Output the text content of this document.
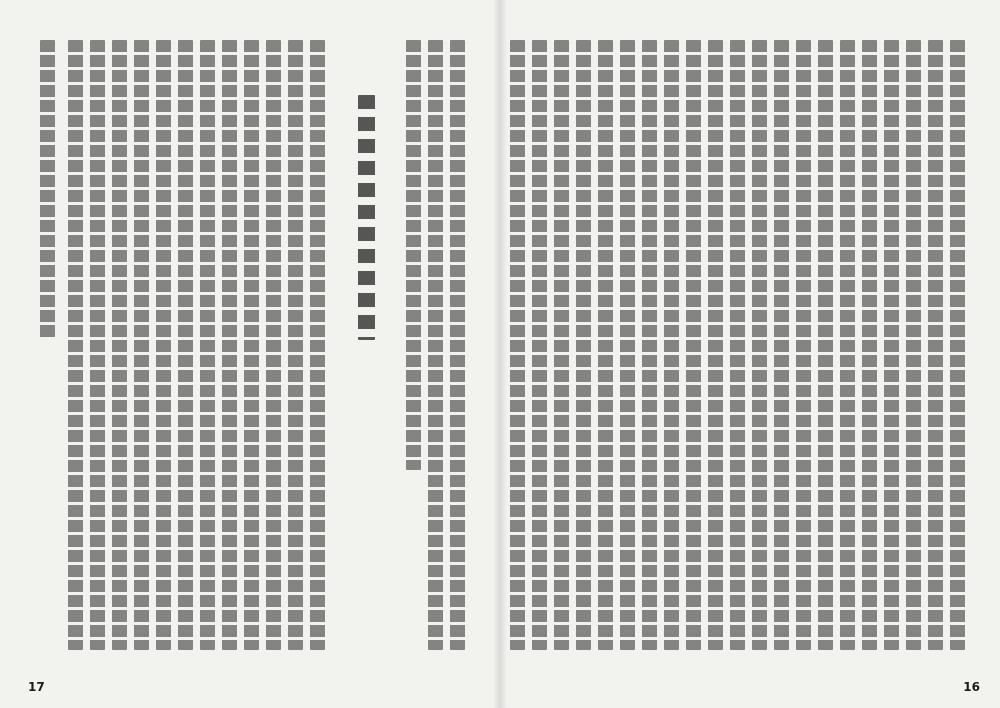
17	16
